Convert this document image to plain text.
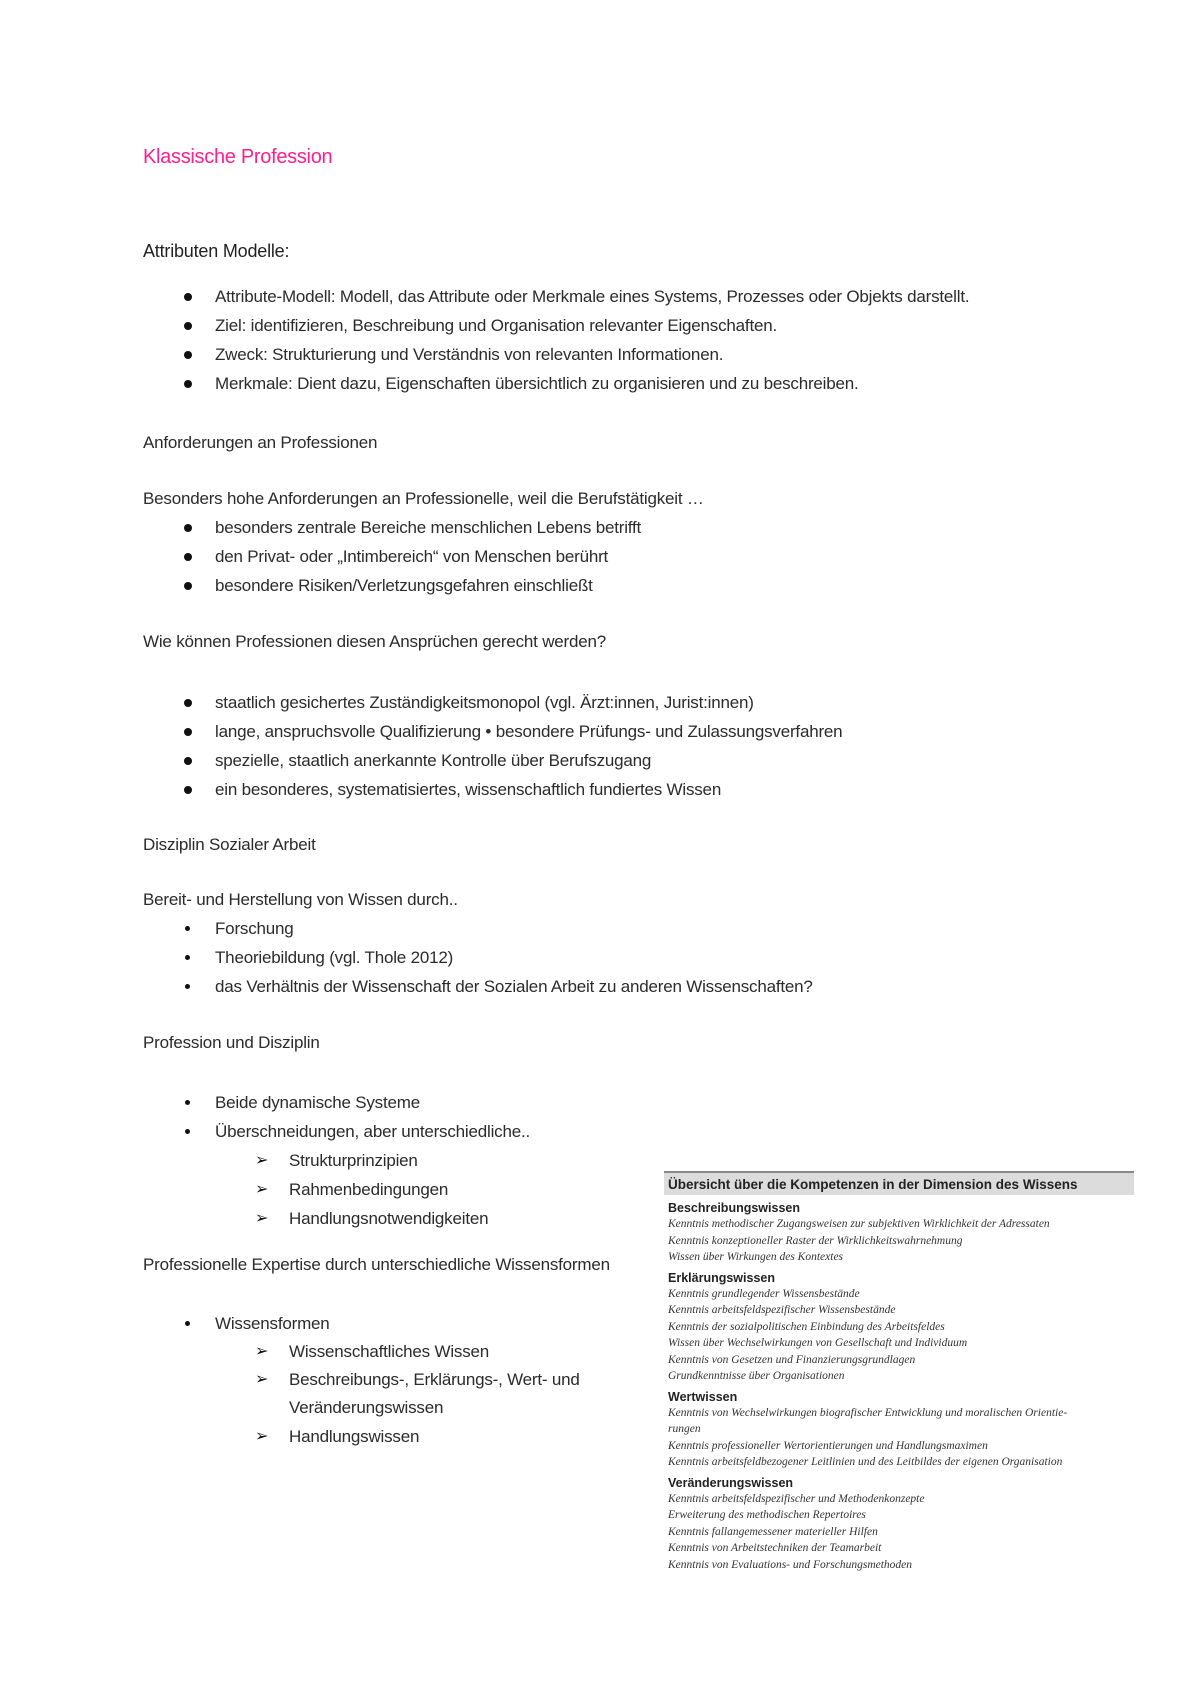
Klassische Profession
Attributen Modelle:
Attribute-Modell: Modell, das Attribute oder Merkmale eines Systems, Prozesses oder Objekts darstellt.
Ziel: identifizieren, Beschreibung und Organisation relevanter Eigenschaften.
Zweck: Strukturierung und Verständnis von relevanten Informationen.
Merkmale: Dient dazu, Eigenschaften übersichtlich zu organisieren und zu beschreiben.
Anforderungen an Professionen
Besonders hohe Anforderungen an Professionelle, weil die Berufstätigkeit …
besonders zentrale Bereiche menschlichen Lebens betrifft
den Privat- oder „Intimbereich“ von Menschen berührt
besondere Risiken/Verletzungsgefahren einschließt
Wie können Professionen diesen Ansprüchen gerecht werden?
staatlich gesichertes Zuständigkeitsmonopol (vgl. Ärzt:innen, Jurist:innen)
lange, anspruchsvolle Qualifizierung • besondere Prüfungs- und Zulassungsverfahren
spezielle, staatlich anerkannte Kontrolle über Berufszugang
ein besonderes, systematisiertes, wissenschaftlich fundiertes Wissen
Disziplin Sozialer Arbeit
Bereit- und Herstellung von Wissen durch..
Forschung
Theoriebildung (vgl. Thole 2012)
das Verhältnis der Wissenschaft der Sozialen Arbeit zu anderen Wissenschaften?
Profession und Disziplin
Beide dynamische Systeme
Überschneidungen, aber unterschiedliche..
➢ Strukturprinzipien
➢ Rahmenbedingungen
➢ Handlungsnotwendigkeiten
Professionelle Expertise durch unterschiedliche Wissensformen
Wissensformen
➢ Wissenschaftliches Wissen
➢ Beschreibungs-, Erklärungs-, Wert- und Veränderungswissen
➢ Handlungswissen
Übersicht über die Kompetenzen in der Dimension des Wissens
Beschreibungswissen
Kenntnis methodischer Zugangsweisen zur subjektiven Wirklichkeit der Adressaten
Kenntnis konzeptioneller Raster der Wirklichkeitswahrnehmung
Wissen über Wirkungen des Kontextes
Erklärungswissen
Kenntnis grundlegender Wissensbestände
Kenntnis arbeitsfeldspezifischer Wissensbestände
Kenntnis der sozialpolitischen Einbindung des Arbeitsfeldes
Wissen über Wechselwirkungen von Gesellschaft und Individuum
Kenntnis von Gesetzen und Finanzierungsgrundlagen
Grundkenntnisse über Organisationen
Wertwissen
Kenntnis von Wechselwirkungen biografischer Entwicklung und moralischen Orientie-
rungen
Kenntnis professioneller Wertorientierungen und Handlungsmaximen
Kenntnis arbeitsfeldbezogener Leitlinien und des Leitbildes der eigenen Organisation
Veränderungswissen
Kenntnis arbeitsfeldspezifischer und Methodenkonzepte
Erweiterung des methodischen Repertoires
Kenntnis fallangemessener materieller Hilfen
Kenntnis von Arbeitstechniken der Teamarbeit
Kenntnis von Evaluations- und Forschungsmethoden
